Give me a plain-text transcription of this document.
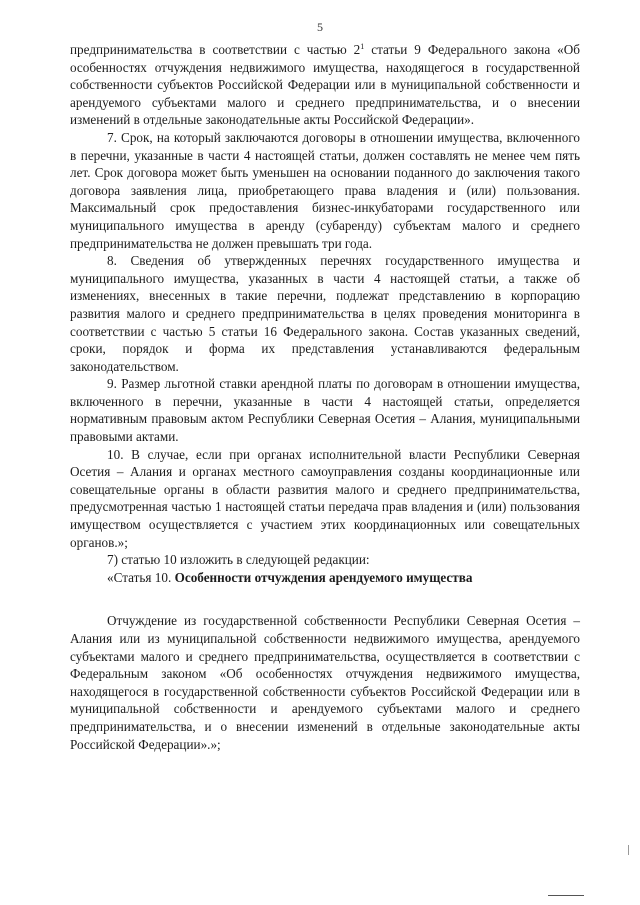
5

предпринимательства в соответствии с частью $2^1$ статьи 9 Федерального закона «Об особенностях отчуждения недвижимого имущества, находящегося в государственной собственности субъектов Российской Федерации или в муниципальной собственности и арендуемого субъектами малого и среднего предпринимательства, и о внесении изменений в отдельные законодательные акты Российской Федерации».

7. Срок, на который заключаются договоры в отношении имущества, включенного в перечни, указанные в части 4 настоящей статьи, должен составлять не менее чем пять лет. Срок договора может быть уменьшен на основании поданного до заключения такого договора заявления лица, приобретающего права владения и (или) пользования. Максимальный срок предоставления бизнес-инкубаторами государственного или муниципального имущества в аренду (субаренду) субъектам малого и среднего предпринимательства не должен превышать три года.

8. Сведения об утвержденных перечнях государственного имущества и муниципального имущества, указанных в части 4 настоящей статьи, а также об изменениях, внесенных в такие перечни, подлежат представлению в корпорацию развития малого и среднего предпринимательства в целях проведения мониторинга в соответствии с частью 5 статьи 16 Федерального закона. Состав указанных сведений, сроки, порядок и форма их представления устанавливаются федеральным законодательством.

9. Размер льготной ставки арендной платы по договорам в отношении имущества, включенного в перечни, указанные в части 4 настоящей статьи, определяется нормативным правовым актом Республики Северная Осетия – Алания, муниципальными правовыми актами.

10. В случае, если при органах исполнительной власти Республики Северная Осетия – Алания и органах местного самоуправления созданы координационные или совещательные органы в области развития малого и среднего предпринимательства, предусмотренная частью 1 настоящей статьи передача прав владения и (или) пользования имуществом осуществляется с участием этих координационных или совещательных органов.»;

7) статью 10 изложить в следующей редакции:

«Статья 10. Особенности отчуждения арендуемого имущества

Отчуждение из государственной собственности Республики Северная Осетия – Алания или из муниципальной собственности недвижимого имущества, арендуемого субъектами малого и среднего предпринимательства, осуществляется в соответствии с Федеральным законом «Об особенностях отчуждения недвижимого имущества, находящегося в государственной собственности субъектов Российской Федерации или в муниципальной собственности и арендуемого субъектами малого и среднего предпринимательства, и о внесении изменений в отдельные законодательные акты Российской Федерации».»;
